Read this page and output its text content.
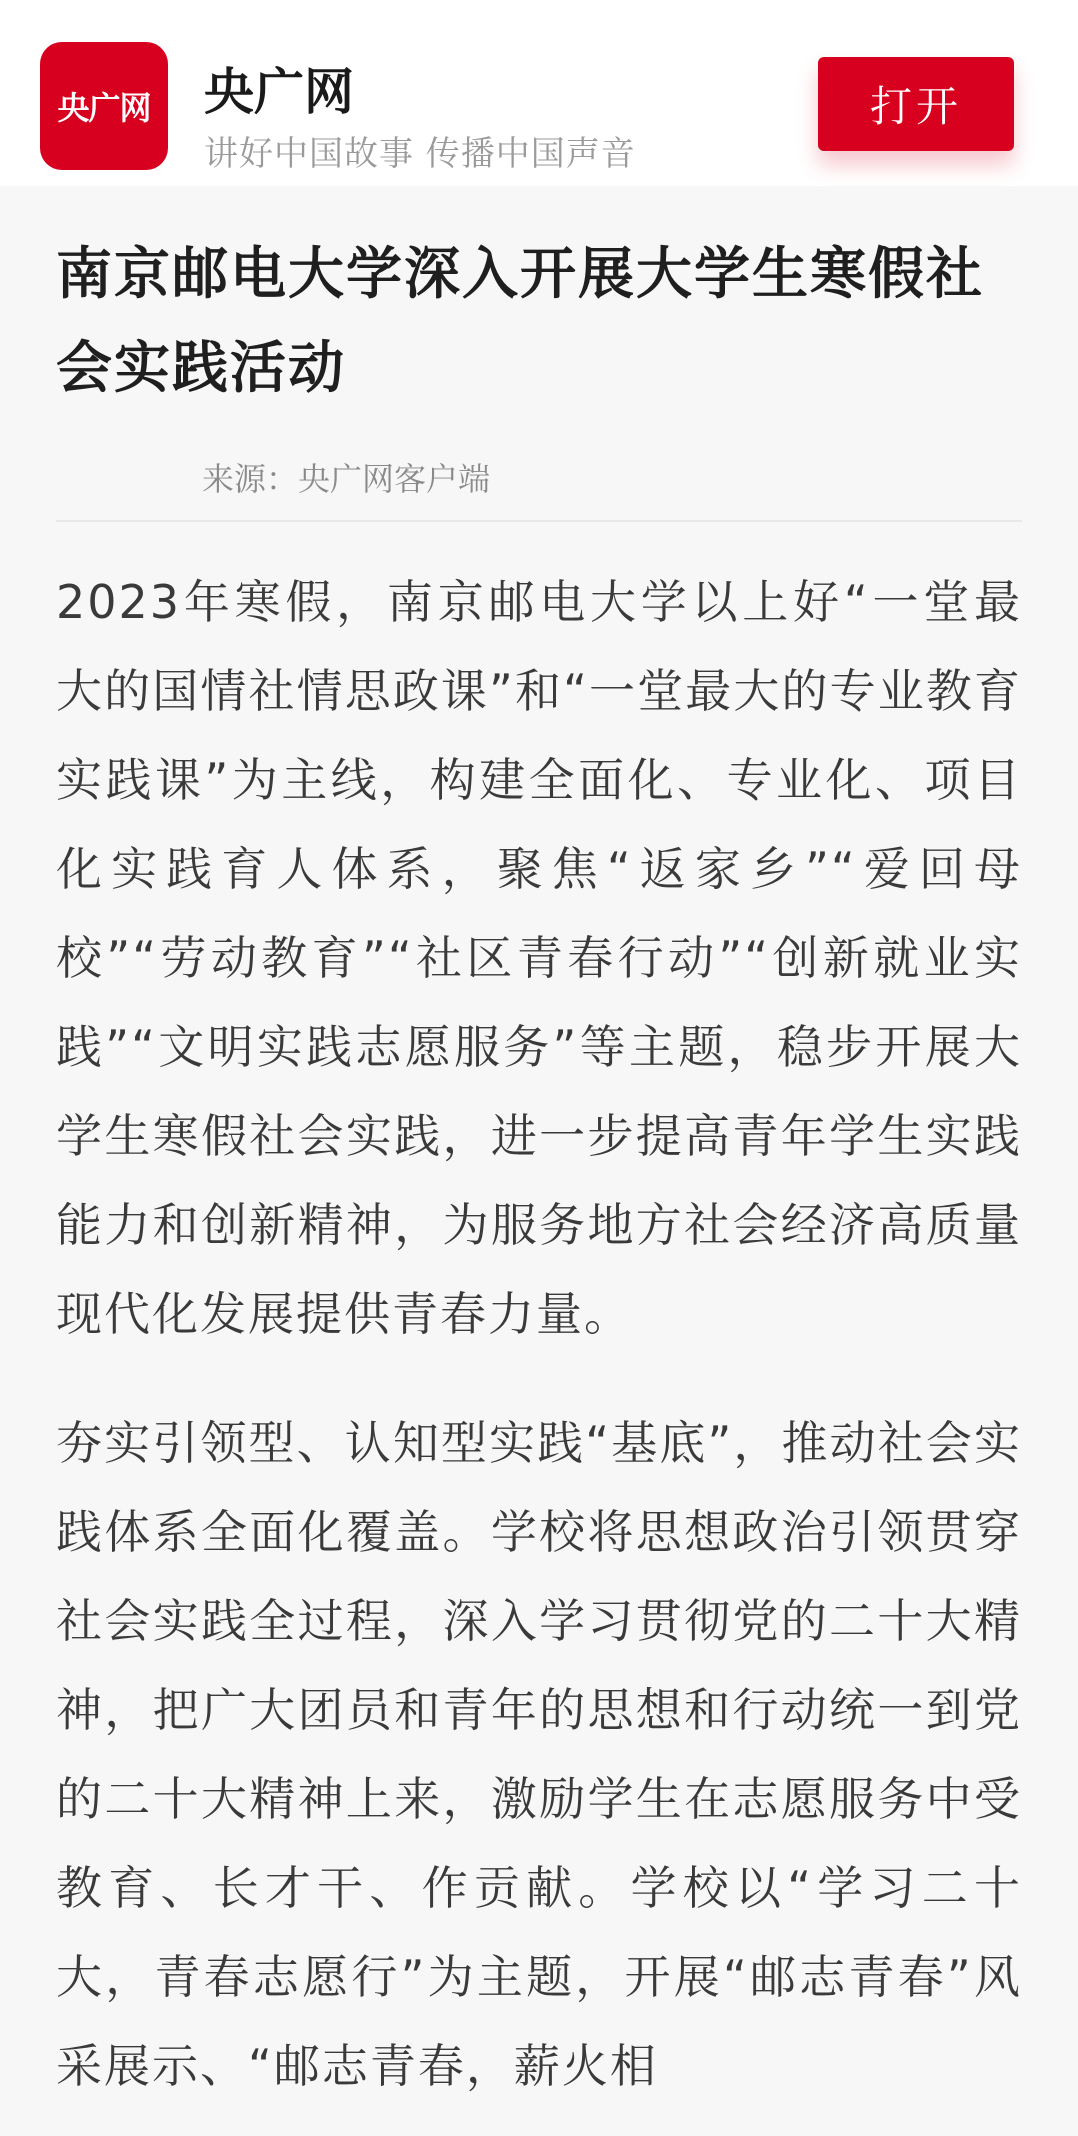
央广网	央广网
讲好中国故事 传播中国声音
打开
南京邮电大学深入开展大学生寒假社会实践活动
来源：央广网客户端

2023年寒假，南京邮电大学以上好“一堂最大的国情社情思政课”和“一堂最大的专业教育实践课”为主线，构建全面化、专业化、项目化实践育人体系，聚焦“返家乡”“爱回母校”“劳动教育”“社区青春行动”“创新就业实践”“文明实践志愿服务”等主题，稳步开展大学生寒假社会实践，进一步提高青年学生实践能力和创新精神，为服务地方社会经济高质量现代化发展提供青春力量。

夯实引领型、认知型实践“基底”，推动社会实践体系全面化覆盖。学校将思想政治引领贯穿社会实践全过程，深入学习贯彻党的二十大精神，把广大团员和青年的思想和行动统一到党的二十大精神上来，激励学生在志愿服务中受教育、长才干、作贡献。学校以“学习二十大，青春志愿行”为主题，开展“邮志青春”风采展示、“邮志青春，薪火相
